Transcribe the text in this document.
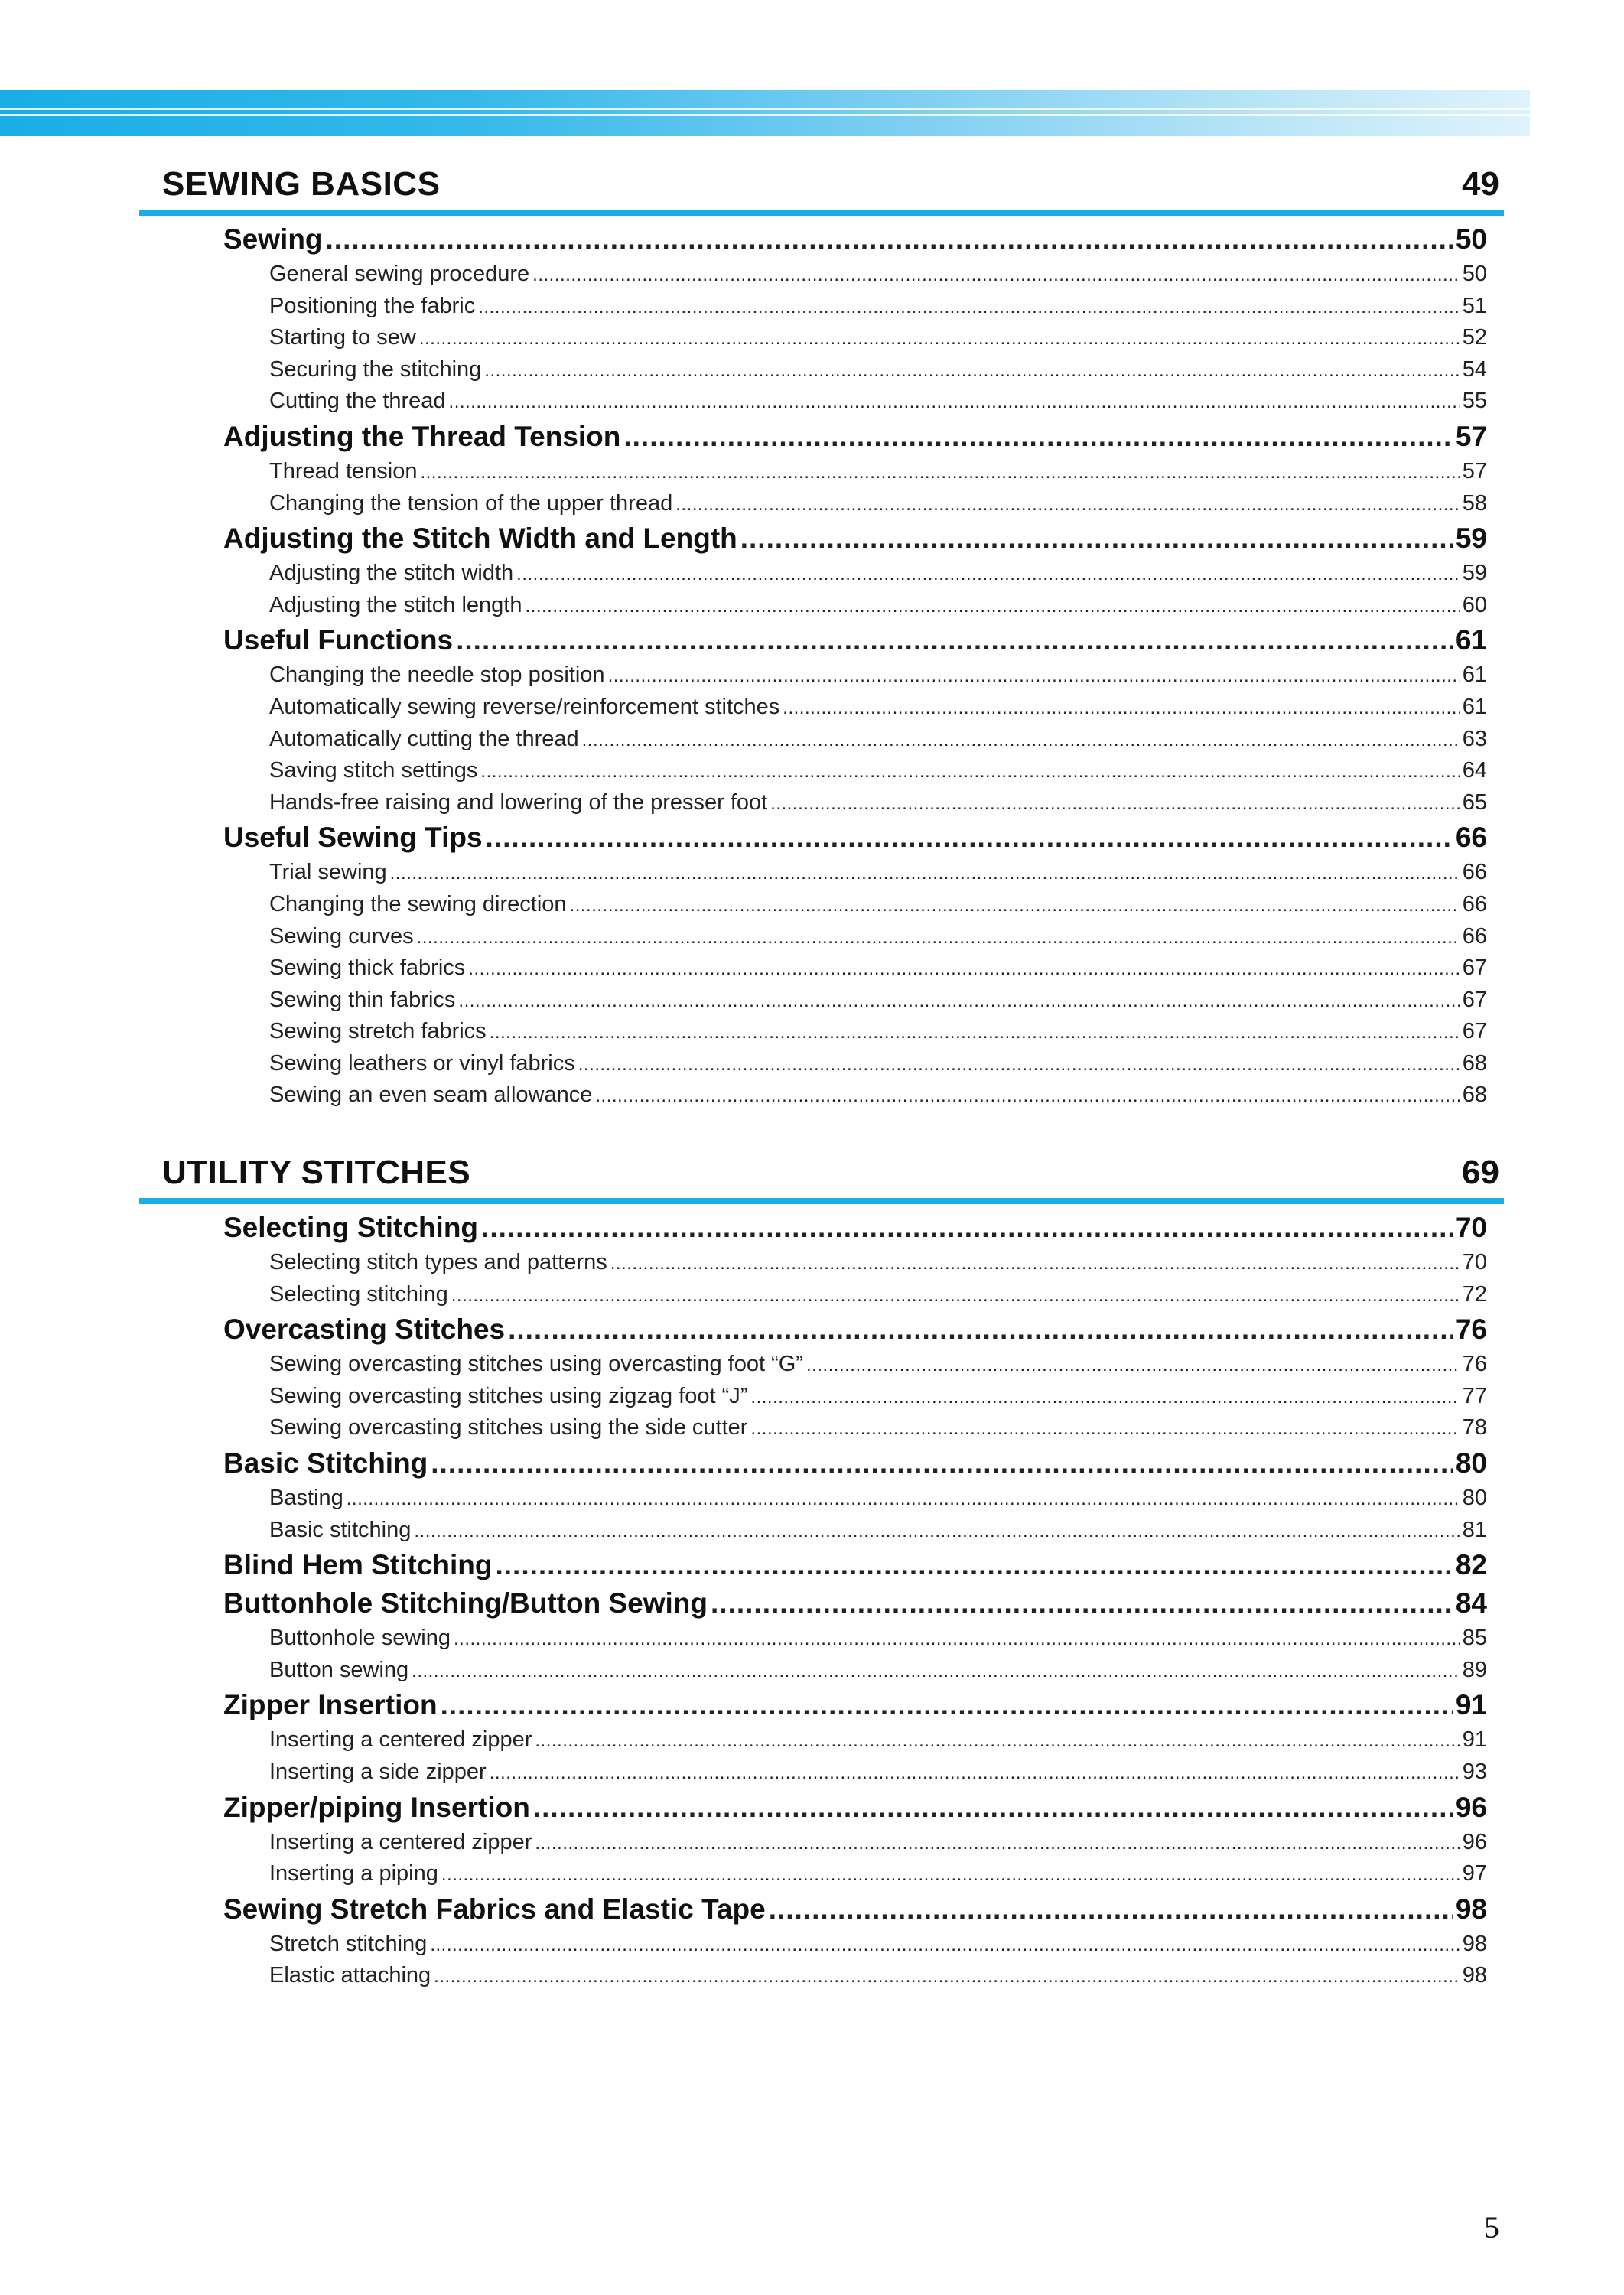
SEWING BASICS	49
Sewing .....	50
General sewing procedure .....	50
Positioning the fabric .....	51
Starting to sew .....	52
Securing the stitching .....	54
Cutting the thread .....	55
Adjusting the Thread Tension .....	57
Thread tension .....	57
Changing the tension of the upper thread .....	58
Adjusting the Stitch Width and Length .....	59
Adjusting the stitch width .....	59
Adjusting the stitch length .....	60
Useful Functions .....	61
Changing the needle stop position .....	61
Automatically sewing reverse/reinforcement stitches .....	61
Automatically cutting the thread .....	63
Saving stitch settings .....	64
Hands-free raising and lowering of the presser foot .....	65
Useful Sewing Tips .....	66
Trial sewing .....	66
Changing the sewing direction .....	66
Sewing curves .....	66
Sewing thick fabrics .....	67
Sewing thin fabrics .....	67
Sewing stretch fabrics .....	67
Sewing leathers or vinyl fabrics .....	68
Sewing an even seam allowance .....	68
UTILITY STITCHES	69
Selecting Stitching .....	70
Selecting stitch types and patterns .....	70
Selecting stitching .....	72
Overcasting Stitches .....	76
Sewing overcasting stitches using overcasting foot “G” .....	76
Sewing overcasting stitches using zigzag foot “J” .....	77
Sewing overcasting stitches using the side cutter .....	78
Basic Stitching .....	80
Basting .....	80
Basic stitching .....	81
Blind Hem Stitching .....	82
Buttonhole Stitching/Button Sewing .....	84
Buttonhole sewing .....	85
Button sewing .....	89
Zipper Insertion .....	91
Inserting a centered zipper .....	91
Inserting a side zipper .....	93
Zipper/piping Insertion .....	96
Inserting a centered zipper .....	96
Inserting a piping .....	97
Sewing Stretch Fabrics and Elastic Tape .....	98
Stretch stitching .....	98
Elastic attaching .....	98
5
